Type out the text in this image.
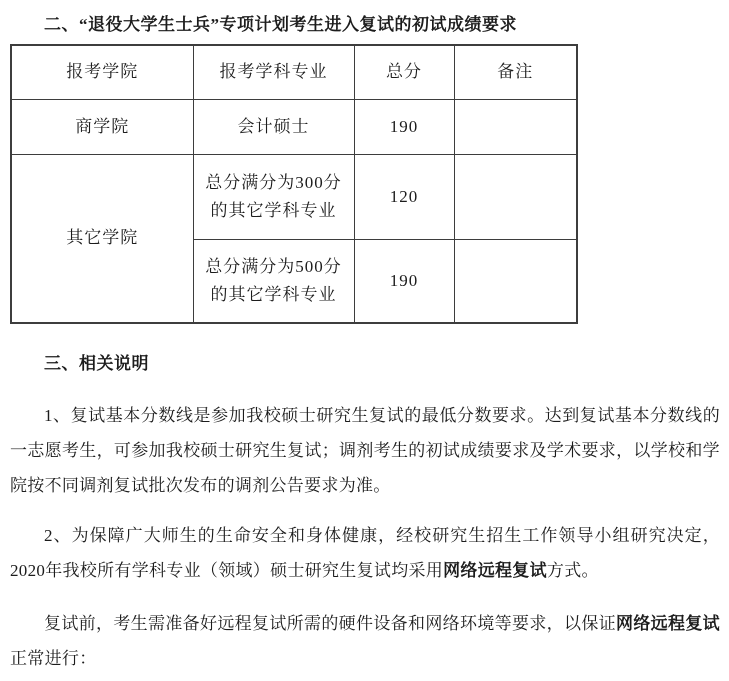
二、“退役大学生士兵”专项计划考生进入复试的初试成绩要求
报考学院	报考学科专业	总分	备注
商学院	会计硕士	190	
其它学院	总分满分为300分的其它学科专业	120	
	总分满分为500分的其它学科专业	190	
三、相关说明

1、复试基本分数线是参加我校硕士研究生复试的最低分数要求。达到复试基本分数线的一志愿考生，可参加我校硕士研究生复试；调剂考生的初试成绩要求及学术要求，以学校和学院按不同调剂复试批次发布的调剂公告要求为准。

2、为保障广大师生的生命安全和身体健康，经校研究生招生工作领导小组研究决定，2020年我校所有学科专业（领域）硕士研究生复试均采用网络远程复试方式。

复试前，考生需准备好远程复试所需的硬件设备和网络环境等要求，以保证网络远程复试正常进行：
